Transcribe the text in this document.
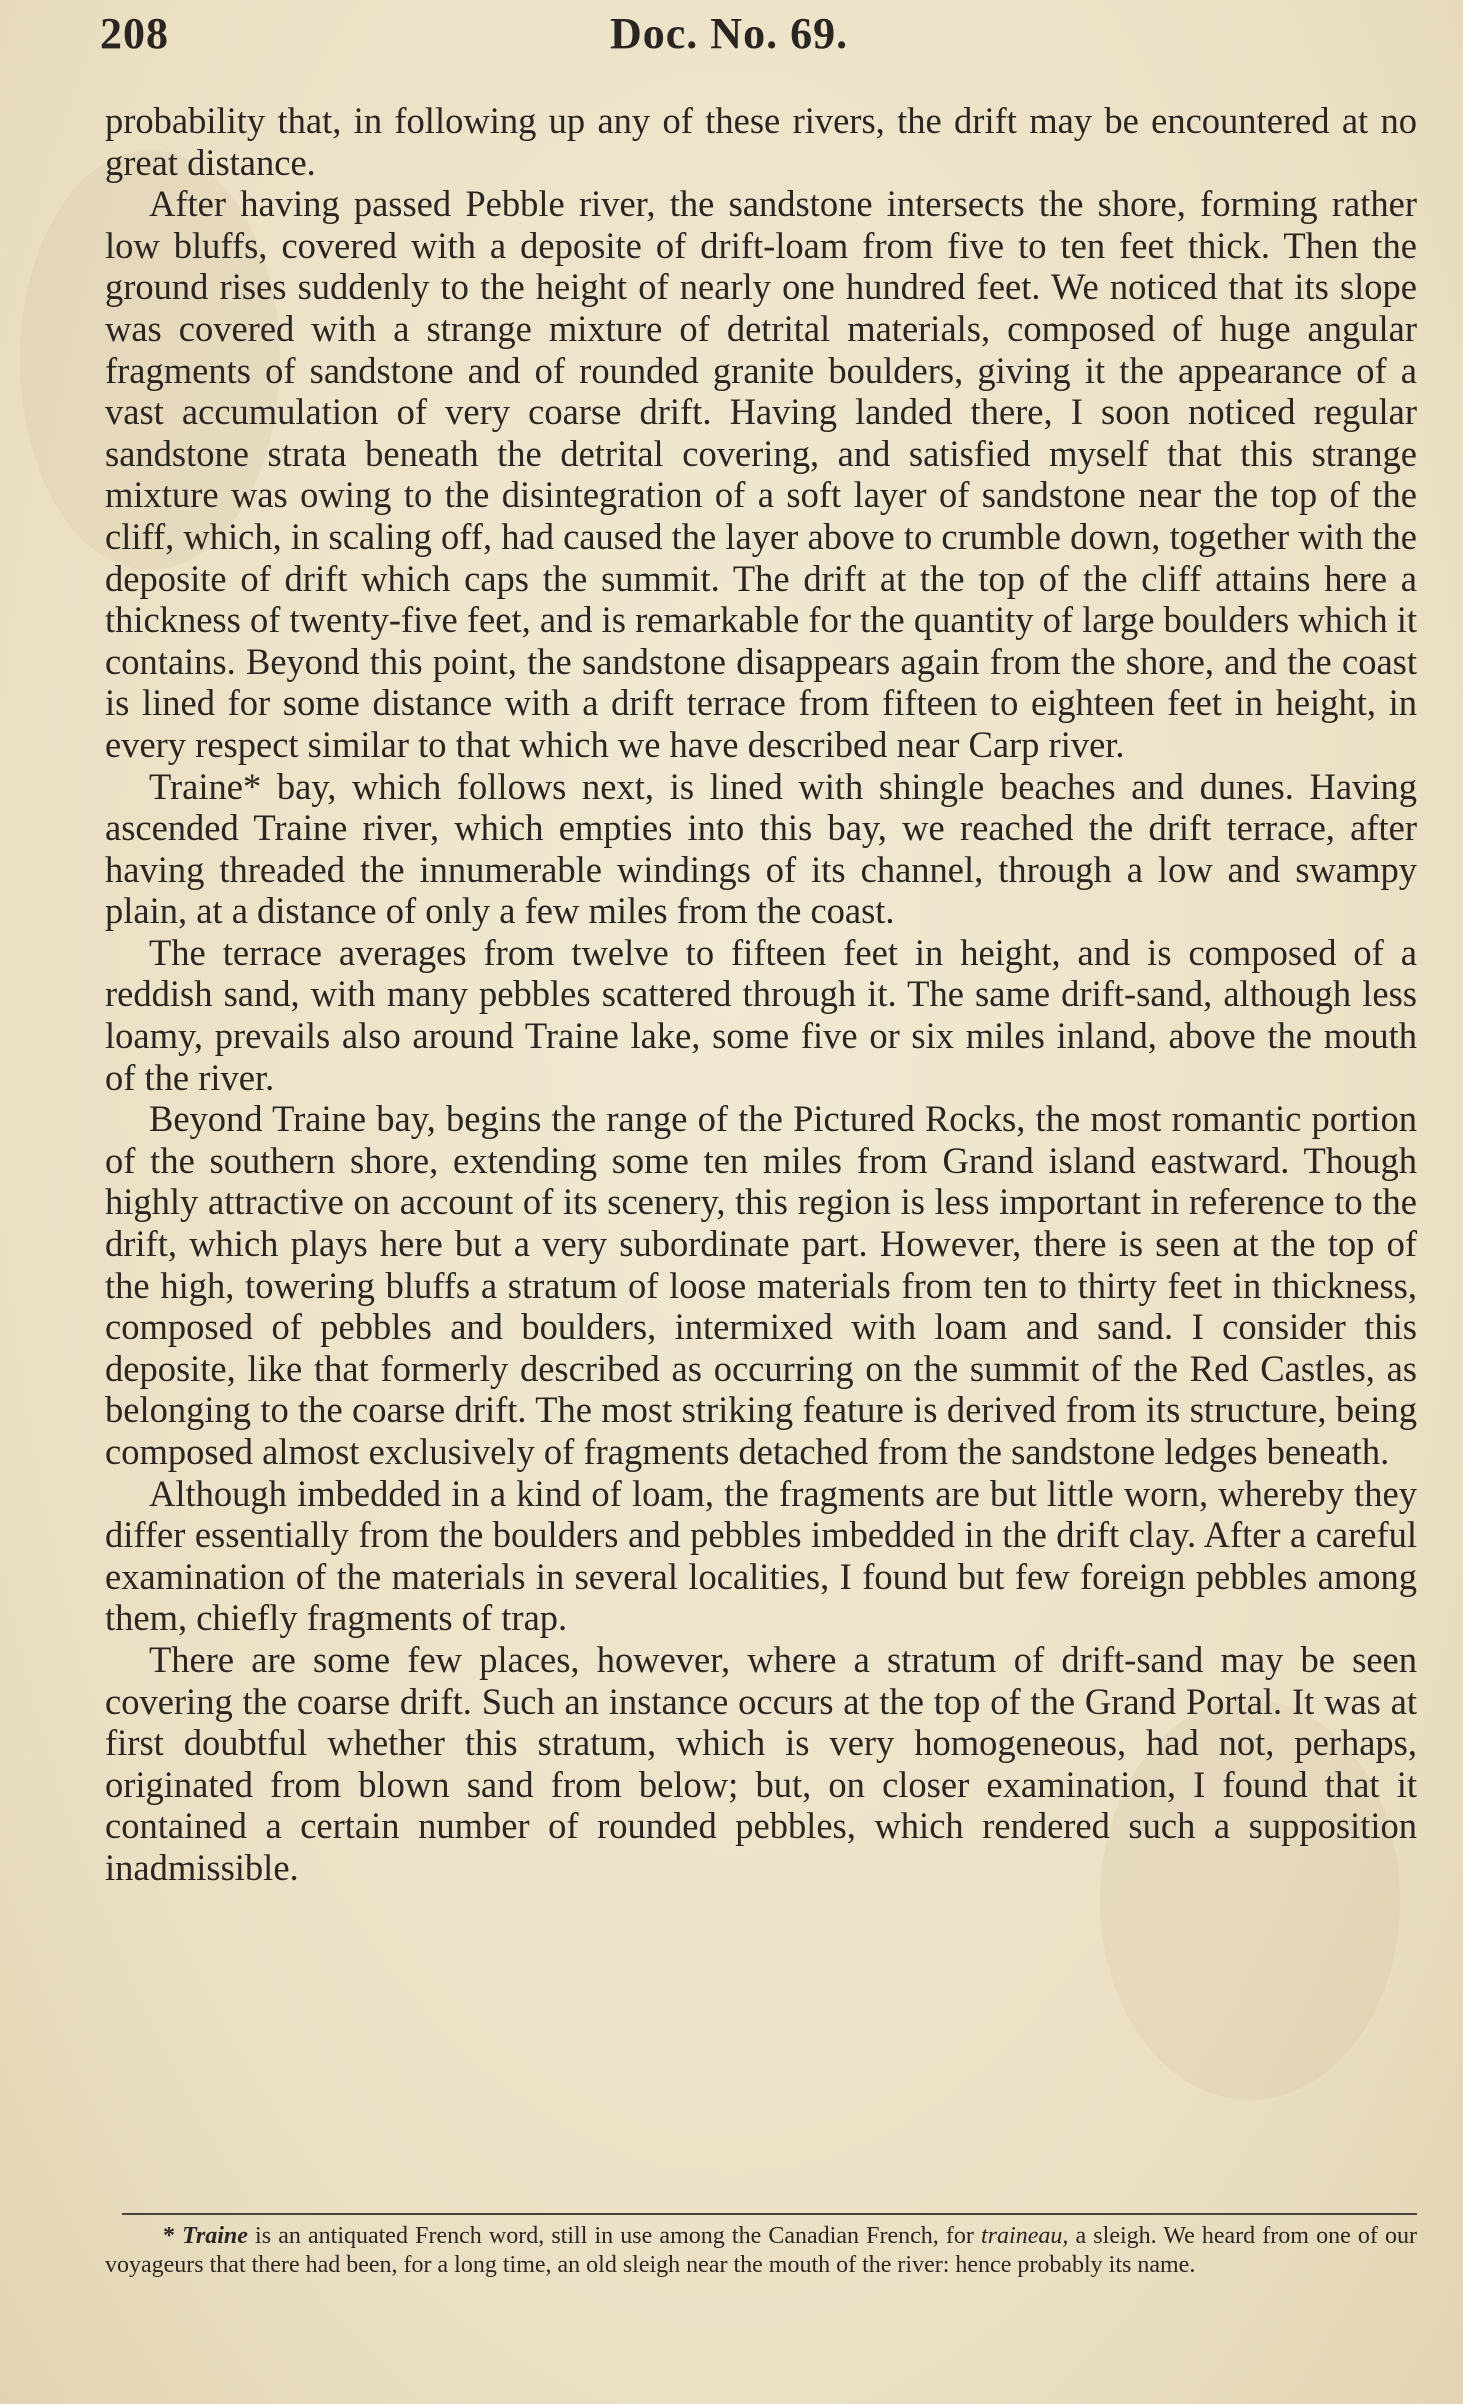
208	Doc. No. 69.

probability that, in following up any of these rivers, the drift may be encountered at no great distance.

After having passed Pebble river, the sandstone intersects the shore, forming rather low bluffs, covered with a deposite of drift-loam from five to ten feet thick. Then the ground rises suddenly to the height of nearly one hundred feet. We noticed that its slope was covered with a strange mixture of detrital materials, composed of huge angular fragments of sandstone and of rounded granite boulders, giving it the appearance of a vast accumulation of very coarse drift. Having landed there, I soon noticed regular sandstone strata beneath the detrital covering, and satisfied myself that this strange mixture was owing to the disintegration of a soft layer of sandstone near the top of the cliff, which, in scaling off, had caused the layer above to crumble down, together with the deposite of drift which caps the summit. The drift at the top of the cliff attains here a thickness of twenty-five feet, and is remarkable for the quantity of large boulders which it contains. Beyond this point, the sandstone disappears again from the shore, and the coast is lined for some distance with a drift terrace from fifteen to eighteen feet in height, in every respect similar to that which we have described near Carp river.

Traine* bay, which follows next, is lined with shingle beaches and dunes. Having ascended Traine river, which empties into this bay, we reached the drift terrace, after having threaded the innumerable windings of its channel, through a low and swampy plain, at a distance of only a few miles from the coast.

The terrace averages from twelve to fifteen feet in height, and is composed of a reddish sand, with many pebbles scattered through it. The same drift-sand, although less loamy, prevails also around Traine lake, some five or six miles inland, above the mouth of the river.

Beyond Traine bay, begins the range of the Pictured Rocks, the most romantic portion of the southern shore, extending some ten miles from Grand island eastward. Though highly attractive on account of its scenery, this region is less important in reference to the drift, which plays here but a very subordinate part. However, there is seen at the top of the high, towering bluffs a stratum of loose materials from ten to thirty feet in thickness, composed of pebbles and boulders, intermixed with loam and sand. I consider this deposite, like that formerly described as occurring on the summit of the Red Castles, as belonging to the coarse drift. The most striking feature is derived from its structure, being composed almost exclusively of fragments detached from the sandstone ledges beneath.

Although imbedded in a kind of loam, the fragments are but little worn, whereby they differ essentially from the boulders and pebbles imbedded in the drift clay. After a careful examination of the materials in several localities, I found but few foreign pebbles among them, chiefly fragments of trap.

There are some few places, however, where a stratum of drift-sand may be seen covering the coarse drift. Such an instance occurs at the top of the Grand Portal. It was at first doubtful whether this stratum, which is very homogeneous, had not, perhaps, originated from blown sand from below; but, on closer examination, I found that it contained a certain number of rounded pebbles, which rendered such a supposition inadmissible.

* Traine is an antiquated French word, still in use among the Canadian French, for traineau, a sleigh. We heard from one of our voyageurs that there had been, for a long time, an old sleigh near the mouth of the river: hence probably its name.
